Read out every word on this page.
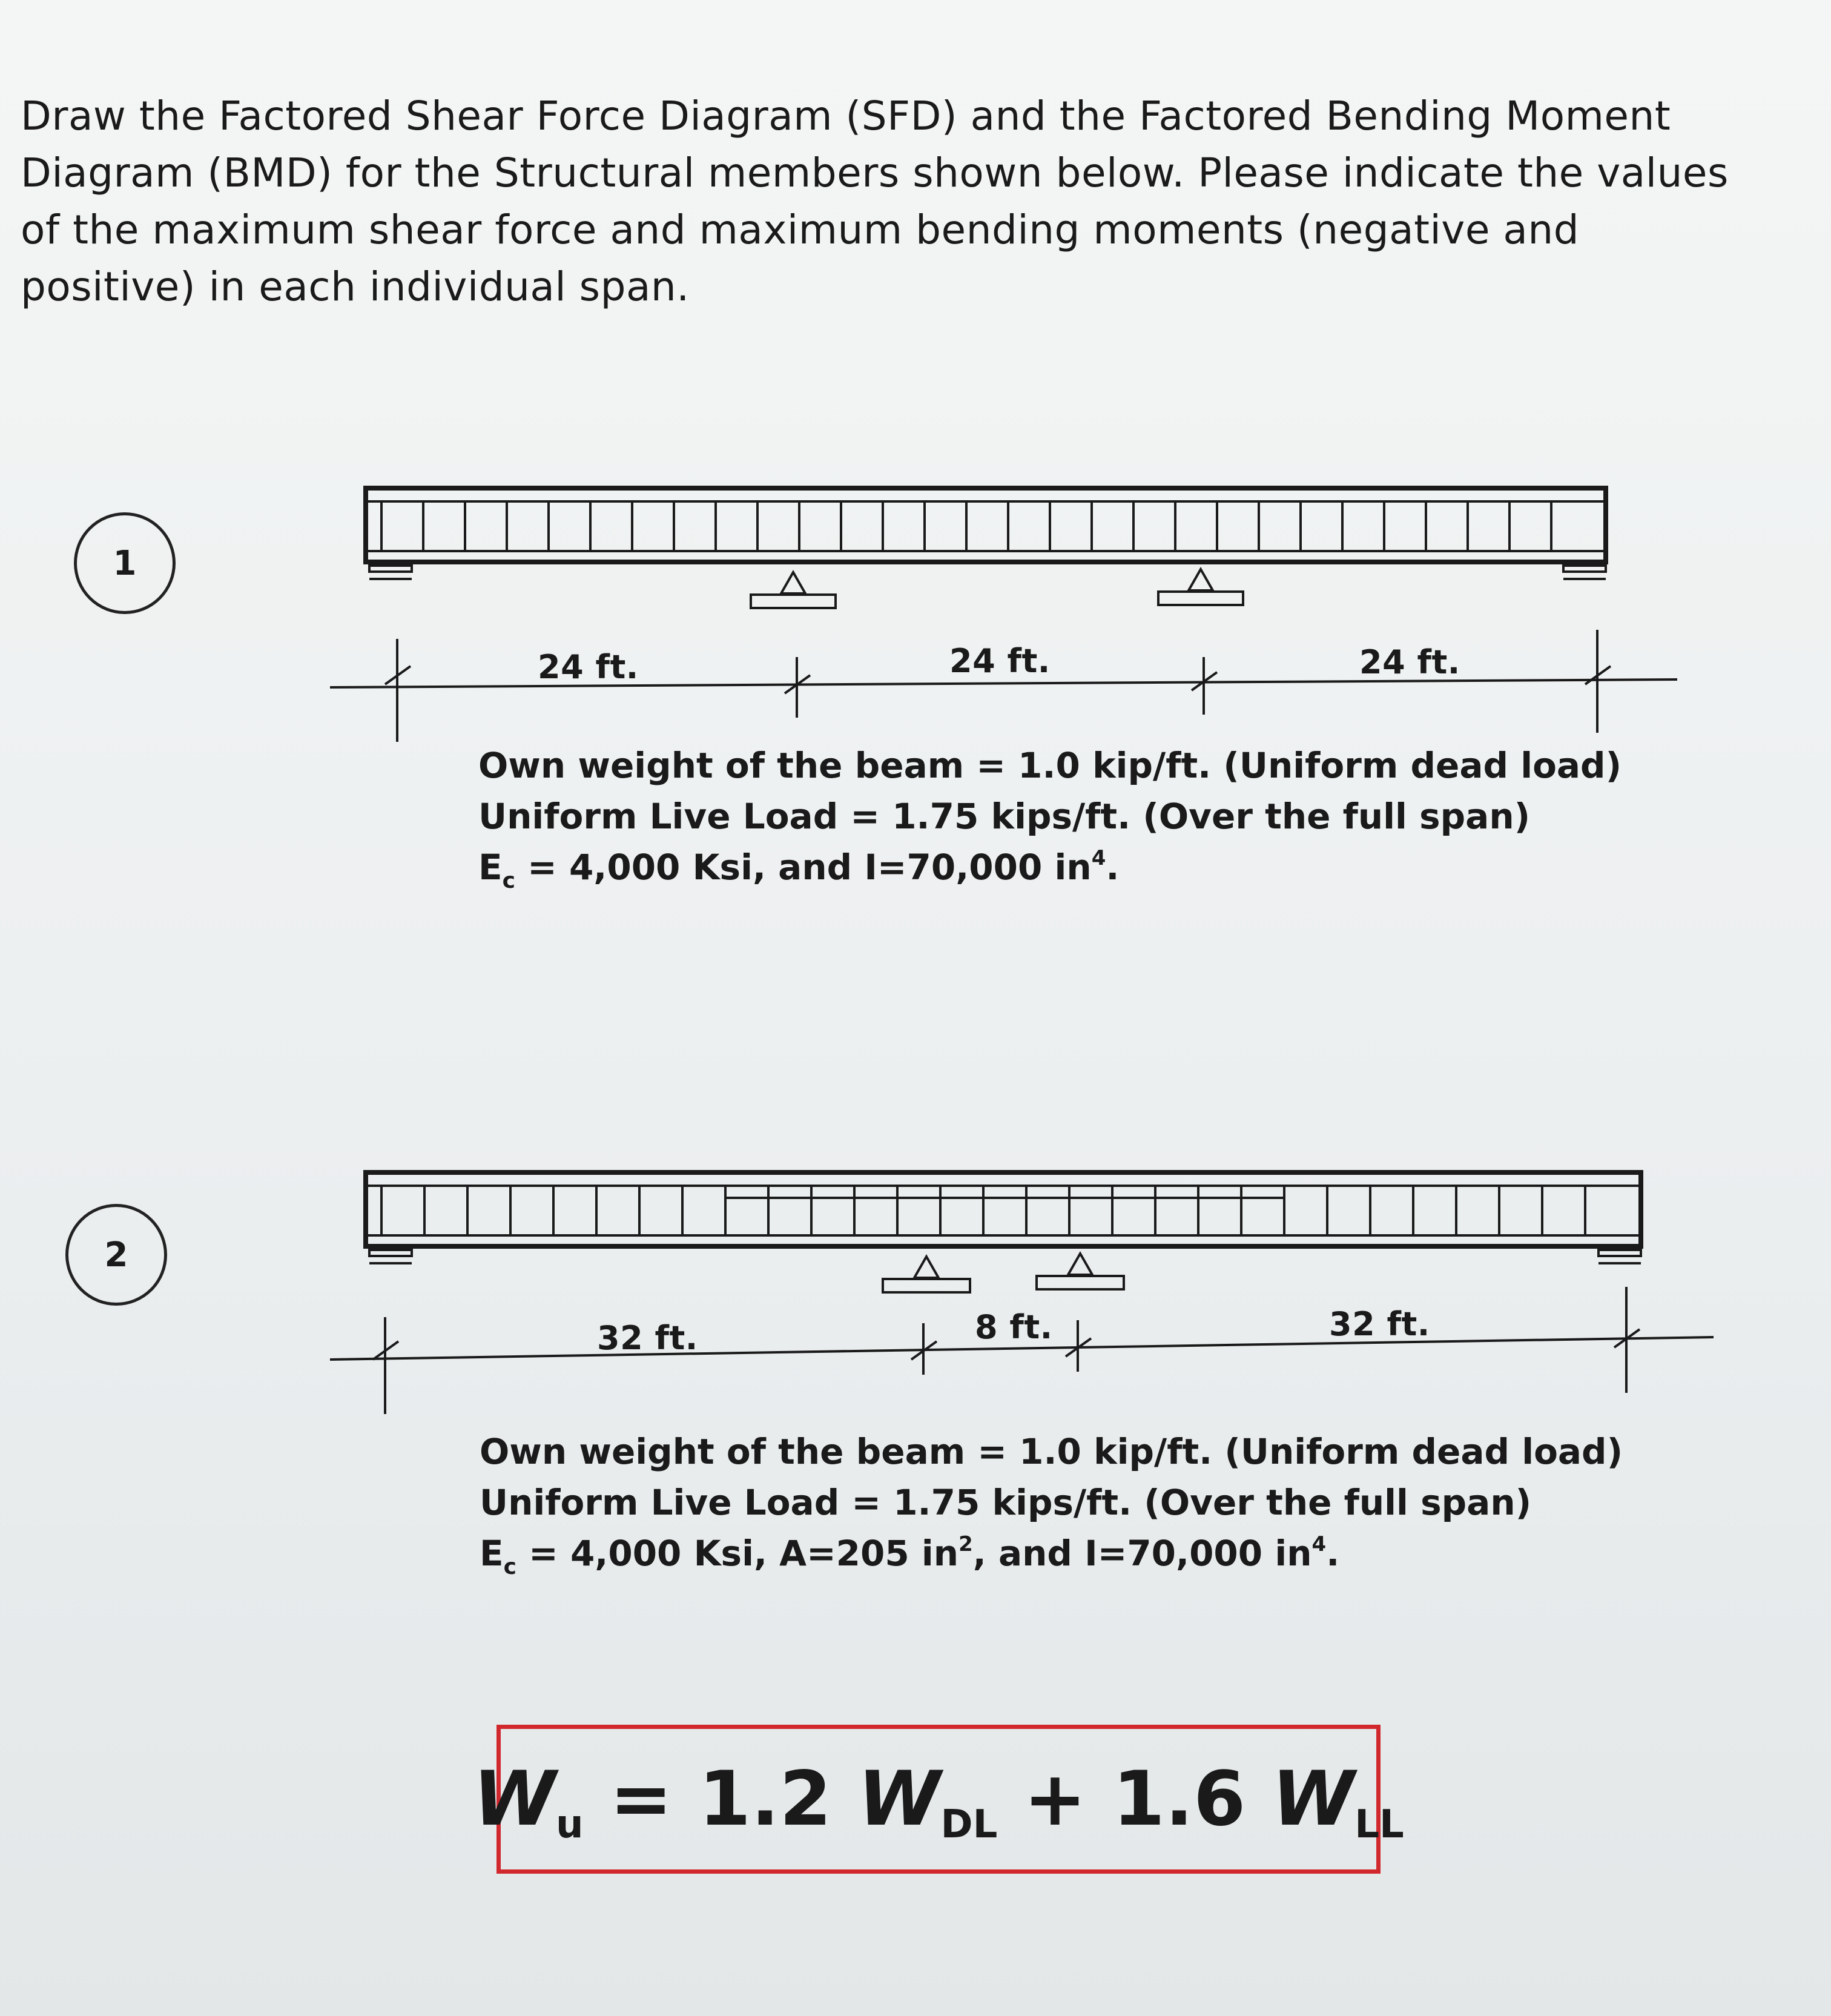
Draw the Factored Shear Force Diagram (SFD) and the Factored Bending Moment Diagram (BMD) for the Structural members shown below. Please indicate the values of the maximum shear force and maximum bending moments (negative and positive) in each individual span.
1
24 ft.	24 ft.	24 ft.
Own weight of the beam = 1.0 kip/ft. (Uniform dead load)
Uniform Live Load = 1.75 kips/ft. (Over the full span)
$E_c = 4,000$ Ksi, and I=70,000 $in^4$.
2
32 ft.	8 ft.	32 ft.
Own weight of the beam = 1.0 kip/ft. (Uniform dead load)
Uniform Live Load = 1.75 kips/ft. (Over the full span)
$E_c = 4,000$ Ksi, A=205 $in^2$, and I=70,000 $in^4$.
W u = 1.2 W DL + 1.6 W LL
